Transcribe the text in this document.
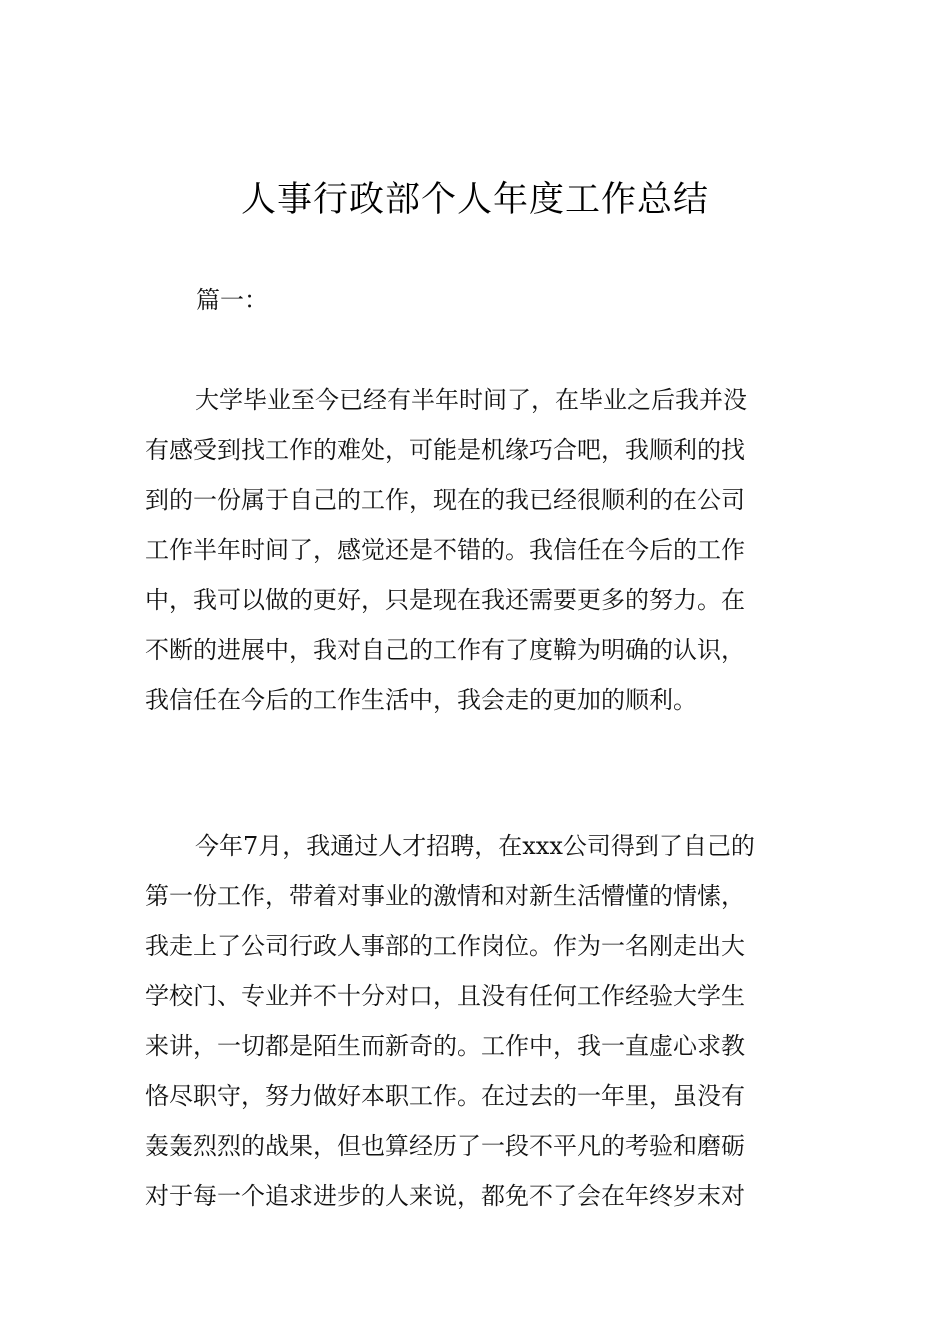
人事行政部个人年度工作总结
篇一：
大学毕业至今已经有半年时间了，在毕业之后我并没
有感受到找工作的难处，可能是机缘巧合吧，我顺利的找
到的一份属于自己的工作，现在的我已经很顺利的在公司
工作半年时间了，感觉还是不错的。我信任在今后的工作
中，我可以做的更好，只是现在我还需要更多的努力。在
不断的进展中，我对自己的工作有了度鞥为明确的认识，
我信任在今后的工作生活中，我会走的更加的顺利。
今年7月，我通过人才招聘，在xxx公司得到了自己的
第一份工作，带着对事业的激情和对新生活懵懂的情愫，
我走上了公司行政人事部的工作岗位。作为一名刚走出大
学校门、专业并不十分对口，且没有任何工作经验大学生
来讲，一切都是陌生而新奇的。工作中，我一直虚心求教
恪尽职守，努力做好本职工作。在过去的一年里，虽没有
轰轰烈烈的战果，但也算经历了一段不平凡的考验和磨砺
对于每一个追求进步的人来说，都免不了会在年终岁末对
